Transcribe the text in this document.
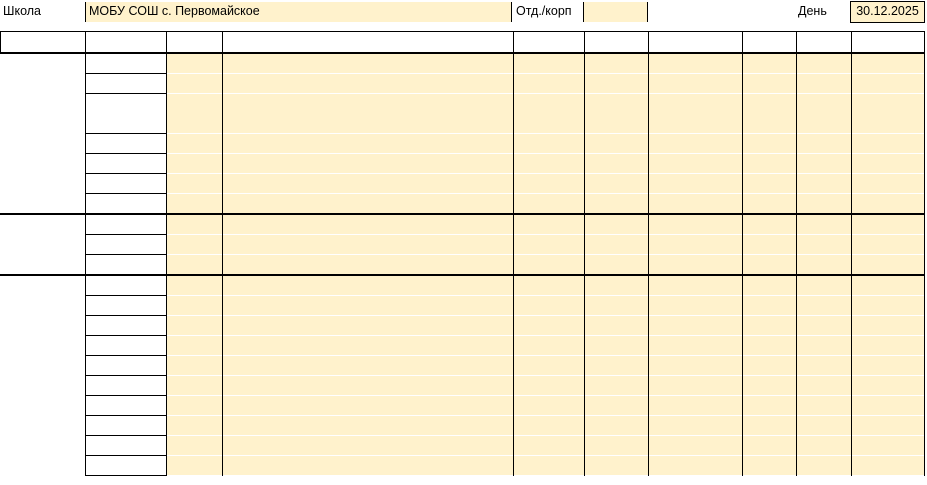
Школа	МОБУ СОШ с. Первомайское	Отд./корп	День	30.12.2025
